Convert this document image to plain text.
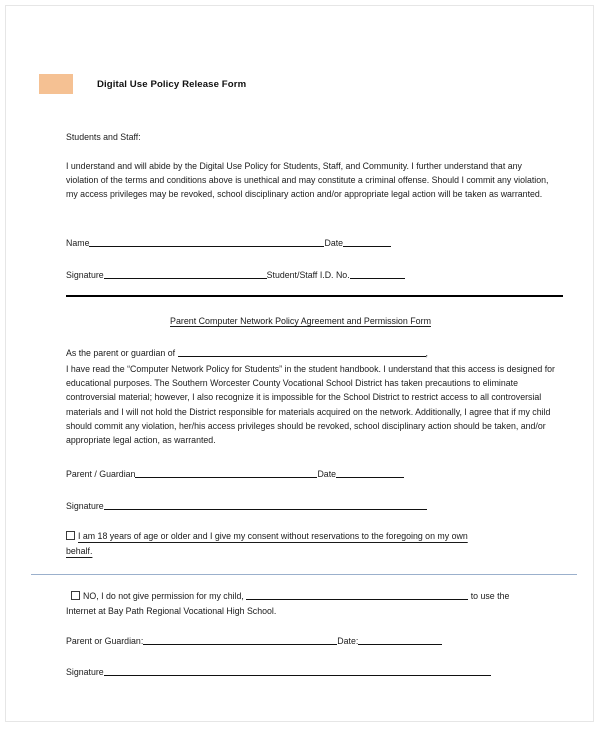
Digital Use Policy Release Form
Students and Staff:
I understand and will abide by the Digital Use Policy for Students, Staff, and Community. I further understand that any violation of the terms and conditions above is unethical and may constitute a criminal offense. Should I commit any violation, my access privileges may be revoked, school disciplinary action and/or appropriate legal action will be taken as warranted.
Name	Date
Signature	Student/Staff I.D. No.
Parent Computer Network Policy Agreement and Permission Form
As the parent or guardian of	,
I have read the “Computer Network Policy for Students” in the student handbook. I understand that this access is designed for educational purposes. The Southern Worcester County Vocational School District has taken precautions to eliminate controversial material; however, I also recognize it is impossible for the School District to restrict access to all controversial materials and I will not hold the District responsible for materials acquired on the network. Additionally, I agree that if my child should commit any violation, her/his access privileges should be revoked, school disciplinary action should be taken, and/or appropriate legal action, as warranted.
Parent / Guardian	Date
Signature
I am 18 years of age or older and I give my consent without reservations to the foregoing on my own
behalf.
NO, I do not give permission for my child,	to use the
Internet at Bay Path Regional Vocational High School.
Parent or Guardian:	Date:
Signature
